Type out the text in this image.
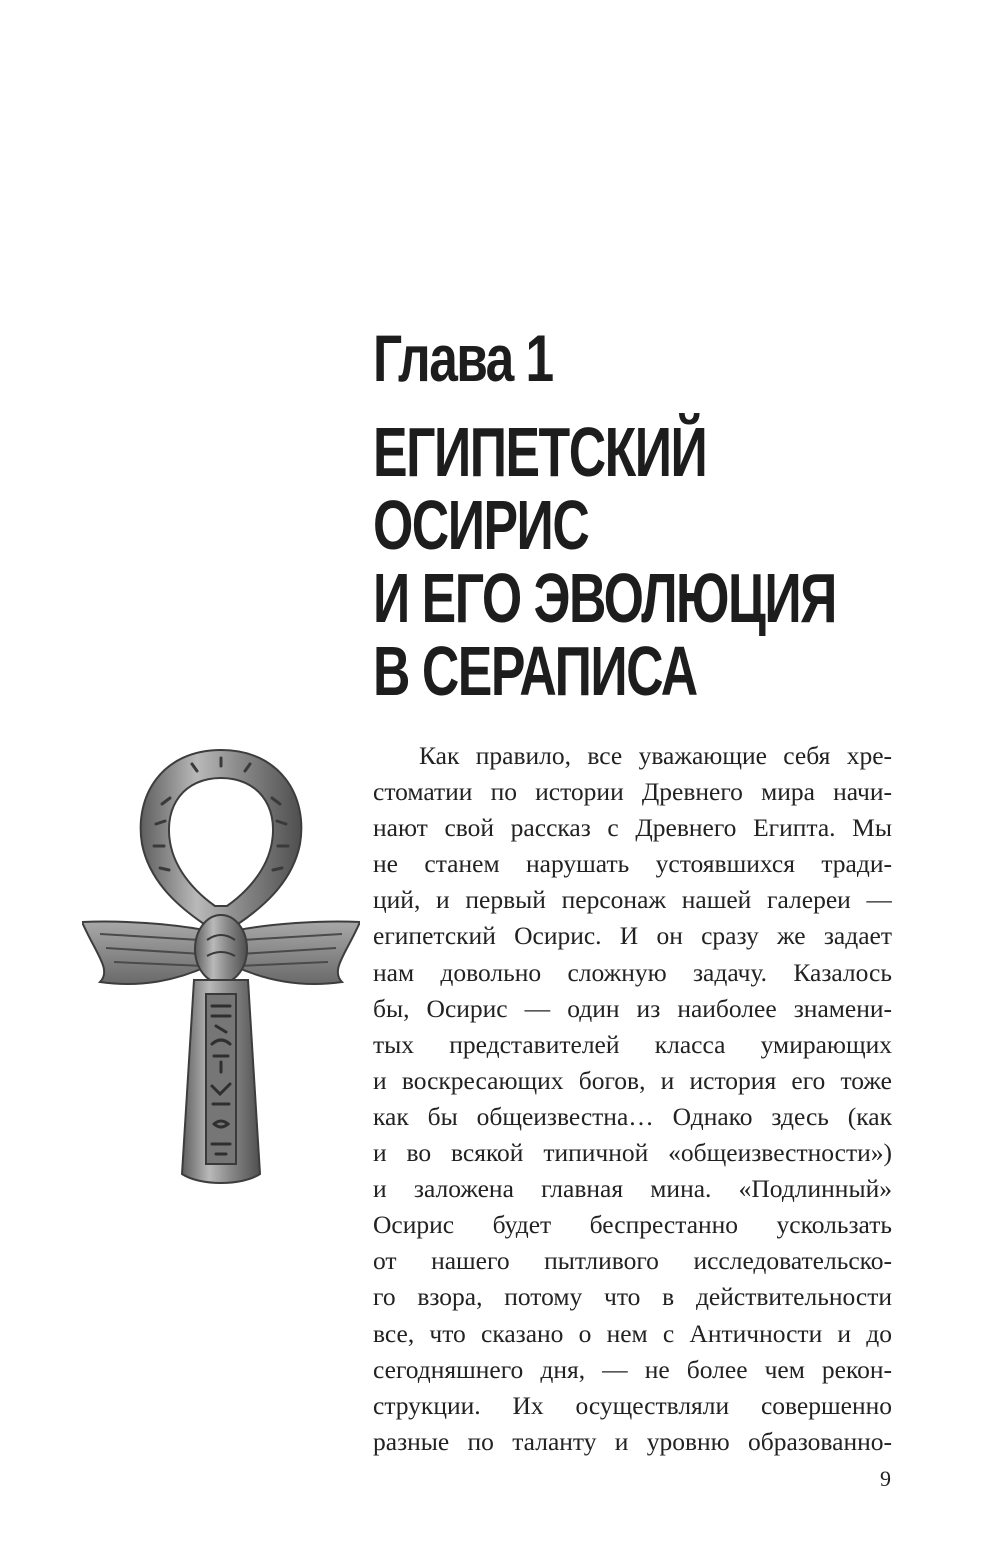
Глава 1
ЕГИПЕТСКИЙ
ОСИРИС
И ЕГО ЭВОЛЮЦИЯ
В СЕРАПИСА
Как правило, все уважающие себя хре-
стоматии по истории Древнего мира начи-
нают свой рассказ с Древнего Египта. Мы
не станем нарушать устоявшихся тради-
ций, и первый персонаж нашей галереи —
египетский Осирис. И он сразу же задает
нам довольно сложную задачу. Казалось
бы, Осирис — один из наиболее знамени-
тых представителей класса умирающих
и воскресающих богов, и история его тоже
как бы общеизвестна… Однако здесь (как
и во всякой типичной «общеизвестности»)
и заложена главная мина. «Подлинный»
Осирис будет беспрестанно ускользать
от нашего пытливого исследовательско-
го взора, потому что в действительности
все, что сказано о нем с Античности и до
сегодняшнего дня, — не более чем рекон-
струкции. Их осуществляли совершенно
разные по таланту и уровню образованно-
9
